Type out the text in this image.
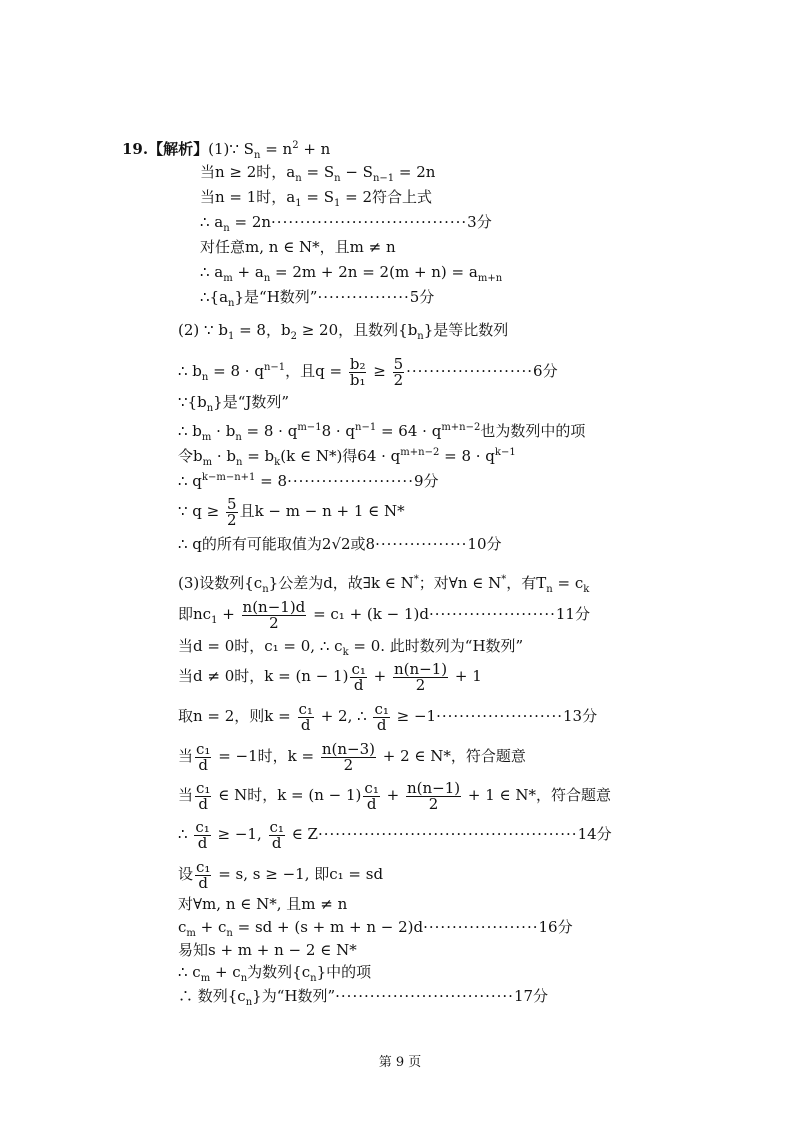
19.【解析】(1)∵ $S_n = n^2 + n$
当n ≥ 2时，$a_n = S_n - S_{n-1} = 2n$
当n = 1时，$a_1 = S_1 = 2$符合上式
∴ $a_n = 2n\cdot\cdot\cdot\cdot\cdot\cdot\cdot\cdot\cdot\cdot\cdot\cdot\cdot\cdot\cdot\cdot\cdot\cdot\cdot\cdot\cdot\cdot\cdot\cdot\cdot\cdot\cdot\cdot\cdot\cdot\cdot\cdot\cdot\cdot 3$分
对任意m, n ∈ N*，且m ≠ n
∴ $a_m + a_n = 2m + 2n = 2(m + n) = a_{m+n}$
$\therefore\{a_n\}$是“H数列”················5分
(2) ∵ $b_1 = 8$，$b_2 \ge 20$，且数列$\{b_n\}$是等比数列
∴ $b_n = 8 \cdot q^{n-1}$，且$q = \frac{\text{b₂}}{\text{b₁}} \ge \frac{5}{2} \cdot\cdot\cdot\cdot\cdot\cdot\cdot\cdot\cdot\cdot\cdot\cdot\cdot\cdot\cdot\cdot\cdot\cdot\cdot\cdot\cdot\cdot 6$分
$\because\{b_n\}$是“J数列”
∴ $b_m \cdot b_n = 8 \cdot q^{m-1}8 \cdot q^{n-1} = 64 \cdot q^{m+n-2}$也为数列中的项
令$b_m \cdot b_n = b_k(k$ ∈ N*)得$64 \cdot q^{m+n-2} = 8 \cdot q^{k-1}$
∴ $q^{k-m-n+1} = 8\cdot\cdot\cdot\cdot\cdot\cdot\cdot\cdot\cdot\cdot\cdot\cdot\cdot\cdot\cdot\cdot\cdot\cdot\cdot\cdot\cdot\cdot 9$分
∵ $q \ge \frac{5}{2}$ 且k − m − n + 1 ∈ N*
∴ q的所有可能取值为2√2或8················10分
(3)设数列$\{c_n\}$公差为d，故∃k ∈ N*；对∀n ∈ N*，有$T_n = c_k$
即$nc_1 + \frac{n(n-1)d}{2} = c_1 + (k - 1)d\cdot\cdot\cdot\cdot\cdot\cdot\cdot\cdot\cdot\cdot\cdot\cdot\cdot\cdot\cdot\cdot\cdot\cdot\cdot\cdot\cdot\cdot 11$分
当d = 0时，c₁ = 0, ∴ $c_k = 0$. 此时数列为“H数列”
当d ≠ 0时，$k = (n - 1) \frac{\text{c₁}}{d} + \frac{n(n-1)}{2} + 1$
取n = 2，则$k = \frac{\text{c₁}}{d} + 2$, ∴ $\frac{\text{c₁}}{d} \ge -1\cdot\cdot\cdot\cdot\cdot\cdot\cdot\cdot\cdot\cdot\cdot\cdot\cdot\cdot\cdot\cdot\cdot\cdot\cdot\cdot\cdot\cdot 13$分
当 $\frac{\text{c₁}}{d} = -1$时，$k = \frac{n(n-3)}{2} + 2$ ∈ N*，符合题意
当 $\frac{\text{c₁}}{d}$ ∈ N时，$k = (n - 1) \frac{\text{c₁}}{d} + \frac{n(n-1)}{2} + 1$ ∈ N*，符合题意
∴ $\frac{\text{c₁}}{d} \ge -1$, $\frac{\text{c₁}}{d}$ ∈ Z·············································14分
设 $\frac{\text{c₁}}{d} = s$, s ≥ −1, 即c₁ = sd
对∀m, n ∈ N*, 且m ≠ n
$c_m + c_n$ = sd + (s + m + n − 2)d····················16分
易知s + m + n − 2 ∈ N*
∴ $c_m + c_n$为数列$\{c_n\}$中的项
∴ 数列$\{c_n\}$为“H数列”·······························17分
第 9 页
